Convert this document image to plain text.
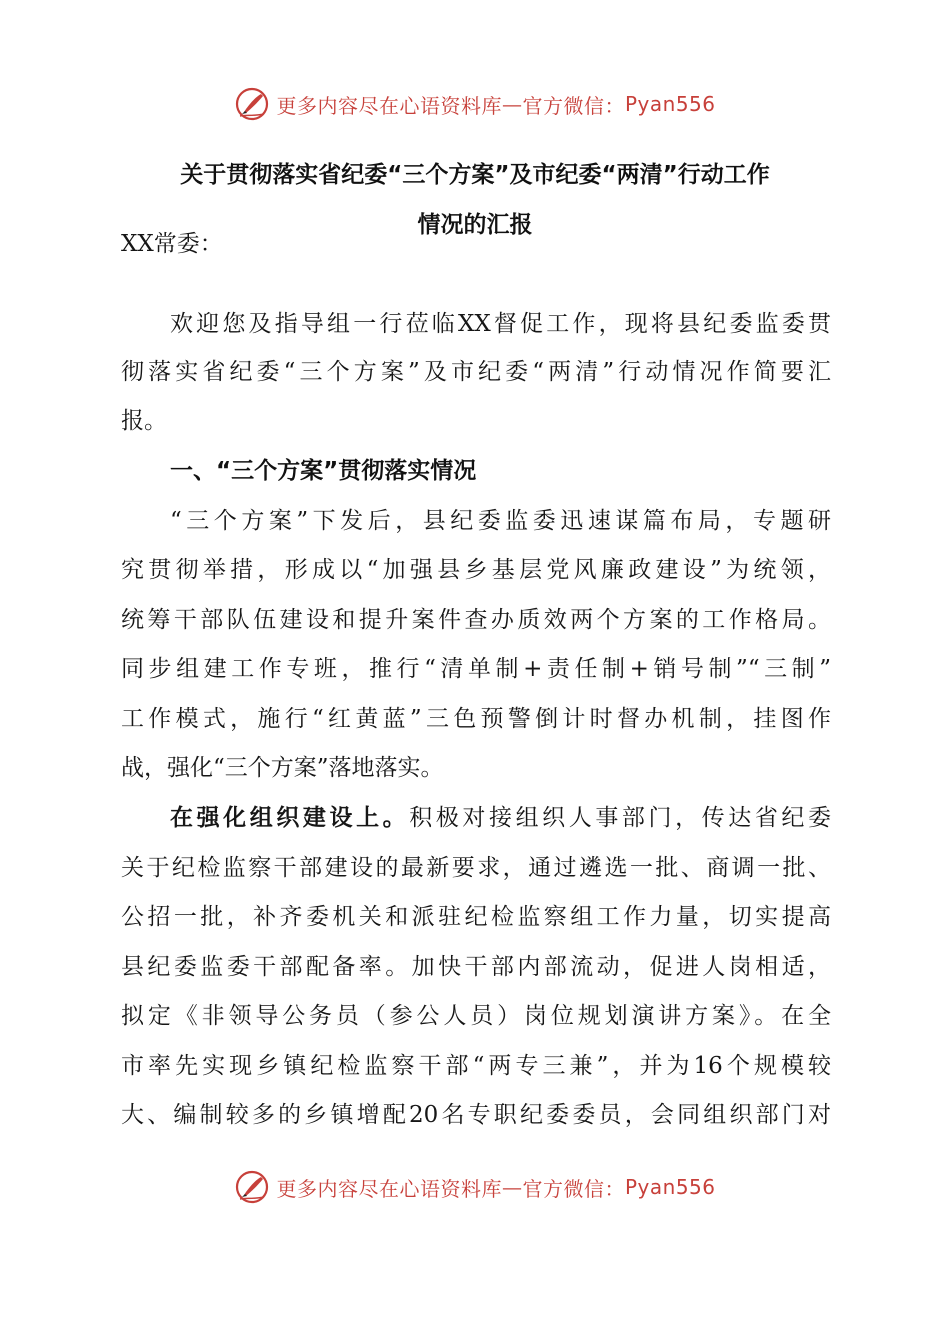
更多内容尽在心语资料库 — 官方微信： Pyan556
关于贯彻落实省纪委“三个方案”及市纪委“两清”行动工作
情况的汇报
XX常委：
欢迎您及指导组一行莅临XX督促工作，现将县纪委监委贯
彻落实省纪委“三个方案”及市纪委“两清”行动情况作简要汇
报。
一、“三个方案”贯彻落实情况
“三个方案”下发后，县纪委监委迅速谋篇布局，专题研
究贯彻举措，形成以“加强县乡基层党风廉政建设”为统领，
统筹干部队伍建设和提升案件查办质效两个方案的工作格局。
同步组建工作专班，推行“清单制+责任制+销号制”“三制”
工作模式，施行“红黄蓝”三色预警倒计时督办机制，挂图作
战，强化“三个方案”落地落实。
在强化组织建设上。积极对接组织人事部门，传达省纪委
关于纪检监察干部建设的最新要求，通过遴选一批、商调一批、
公招一批，补齐委机关和派驻纪检监察组工作力量，切实提高
县纪委监委干部配备率。加快干部内部流动，促进人岗相适，
拟定《非领导公务员（参公人员）岗位规划演讲方案》。在全
市率先实现乡镇纪检监察干部“两专三兼”，并为16个规模较
大、编制较多的乡镇增配20名专职纪委委员，会同组织部门对
更多内容尽在心语资料库 — 官方微信： Pyan556
